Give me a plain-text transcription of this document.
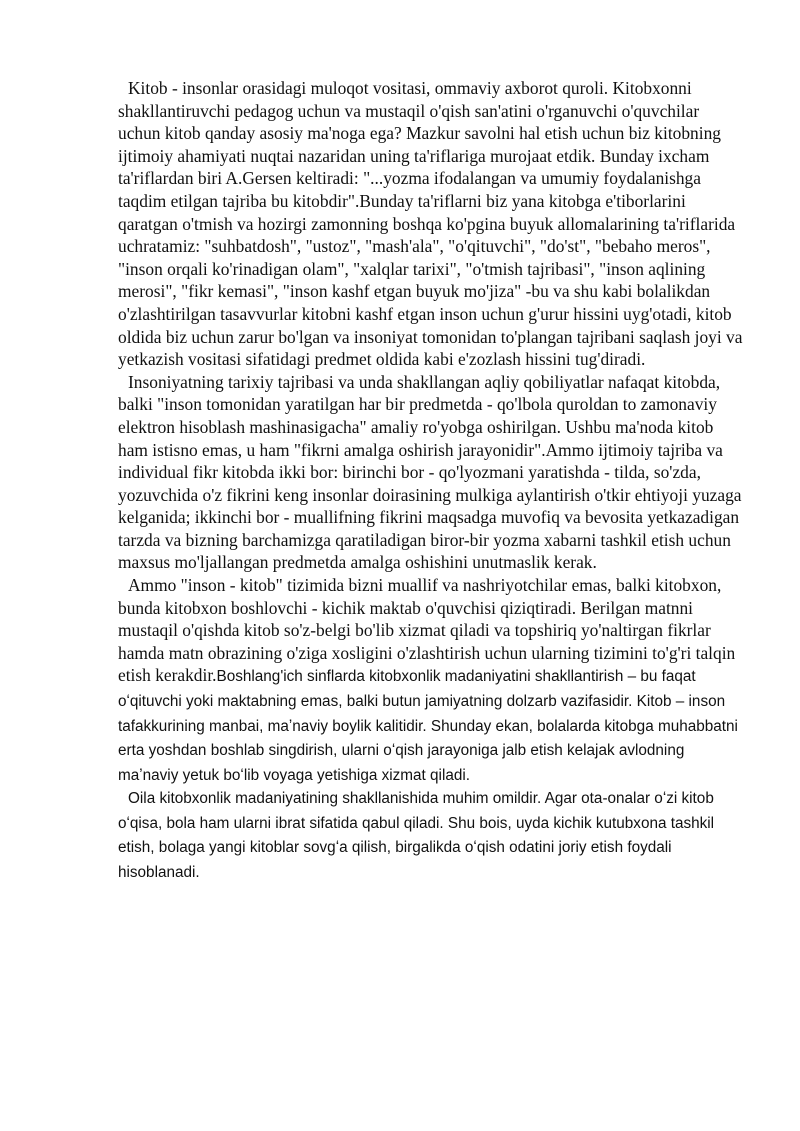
Kitob - insonlar orasidagi muloqot vositasi, ommaviy axborot quroli. Kitobxonni shakllantiruvchi pedagog uchun va mustaqil o'qish san'atini o'rganuvchi o'quvchilar uchun kitob qanday asosiy ma'noga ega? Mazkur savolni hal etish uchun biz kitobning ijtimoiy ahamiyati nuqtai nazaridan uning ta'riflariga murojaat etdik. Bunday ixcham ta'riflardan biri A.Gersen keltiradi: "...yozma ifodalangan va umumiy foydalanishga taqdim etilgan tajriba bu kitobdir".Bunday ta'riflarni biz yana kitobga e'tiborlarini qaratgan o'tmish va hozirgi zamonning boshqa ko'pgina buyuk allomalarining ta'riflarida uchratamiz: "suhbatdosh", "ustoz", "mash'ala", "o'qituvchi", "do'st", "bebaho meros", "inson orqali ko'rinadigan olam", "xalqlar tarixi", "o'tmish tajribasi", "inson aqlining merosi", "fikr kemasi", "inson kashf etgan buyuk mo'jiza" -bu va shu kabi bolalikdan o'zlashtirilgan tasavvurlar kitobni kashf etgan inson uchun g'urur hissini uyg'otadi, kitob oldida biz uchun zarur bo'lgan va insoniyat tomonidan to'plangan tajribani saqlash joyi va yetkazish vositasi sifatidagi predmet oldida kabi e'zozlash hissini tug'diradi.

Insoniyatning tarixiy tajribasi va unda shakllangan aqliy qobiliyatlar nafaqat kitobda, balki "inson tomonidan yaratilgan har bir predmetda - qo'lbola quroldan to zamonaviy elektron hisoblash mashinasigacha" amaliy ro'yobga oshirilgan. Ushbu ma'noda kitob ham istisno emas, u ham "fikrni amalga oshirish jarayonidir".Ammo ijtimoiy tajriba va individual fikr kitobda ikki bor: birinchi bor - qo'lyozmani yaratishda - tilda, so'zda, yozuvchida o'z fikrini keng insonlar doirasining mulkiga aylantirish o'tkir ehtiyoji yuzaga kelganida; ikkinchi bor - muallifning fikrini maqsadga muvofiq va bevosita yetkazadigan tarzda va bizning barchamizga qaratiladigan biror-bir yozma xabarni tashkil etish uchun maxsus mo'ljallangan predmetda amalga oshishini unutmaslik kerak.

Ammo "inson - kitob" tizimida bizni muallif va nashriyotchilar emas, balki kitobxon, bunda kitobxon boshlovchi - kichik maktab o'quvchisi qiziqtiradi. Berilgan matnni mustaqil o'qishda kitob so'z-belgi bo'lib xizmat qiladi va topshiriq yo'naltirgan fikrlar hamda matn obrazining o'ziga xosligini o'zlashtirish uchun ularning tizimini to'g'ri talqin etish kerakdir.Boshlang'ich sinflarda kitobxonlik madaniyatini shakllantirish – bu faqat oʻqituvchi yoki maktabning emas, balki butun jamiyatning dolzarb vazifasidir. Kitob – inson tafakkurining manbai, maʼnaviy boylik kalitidir. Shunday ekan, bolalarda kitobga muhabbatni erta yoshdan boshlab singdirish, ularni oʻqish jarayoniga jalb etish kelajak avlodning maʼnaviy yetuk boʻlib voyaga yetishiga xizmat qiladi.

Oila kitobxonlik madaniyatining shakllanishida muhim omildir. Agar ota-onalar oʻzi kitob oʻqisa, bola ham ularni ibrat sifatida qabul qiladi. Shu bois, uyda kichik kutubxona tashkil etish, bolaga yangi kitoblar sovgʻa qilish, birgalikda oʻqish odatini joriy etish foydali hisoblanadi.
